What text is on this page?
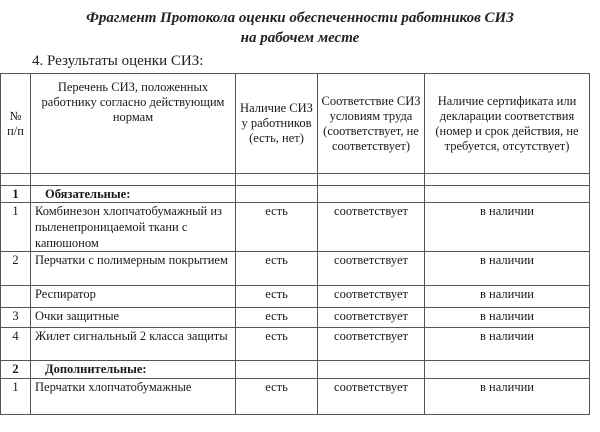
Фрагмент Протокола оценки обеспеченности работников СИЗ
на рабочем месте
4. Результаты оценки СИЗ:
№ п/п	Перечень СИЗ, положенных работнику согласно действующим нормам	Наличие СИЗ у работников (есть, нет)	Соответствие СИЗ условиям труда (соответствует, не соответствует)	Наличие сертификата или декларации соответствия (номер и срок действия, не требуется, отсутствует)

1	Обязательные:			
1	Комбинезон хлопчатобумажный из пыленепроницаемой ткани с капюшоном	есть	соответствует	в наличии
2	Перчатки с полимерным покрытием	есть	соответствует	в наличии
	Респиратор	есть	соответствует	в наличии
3	Очки защитные	есть	соответствует	в наличии
4	Жилет сигнальный 2 класса защиты	есть	соответствует	в наличии
2	Дополнительные:			
1	Перчатки хлопчатобумажные	есть	соответствует	в наличии
